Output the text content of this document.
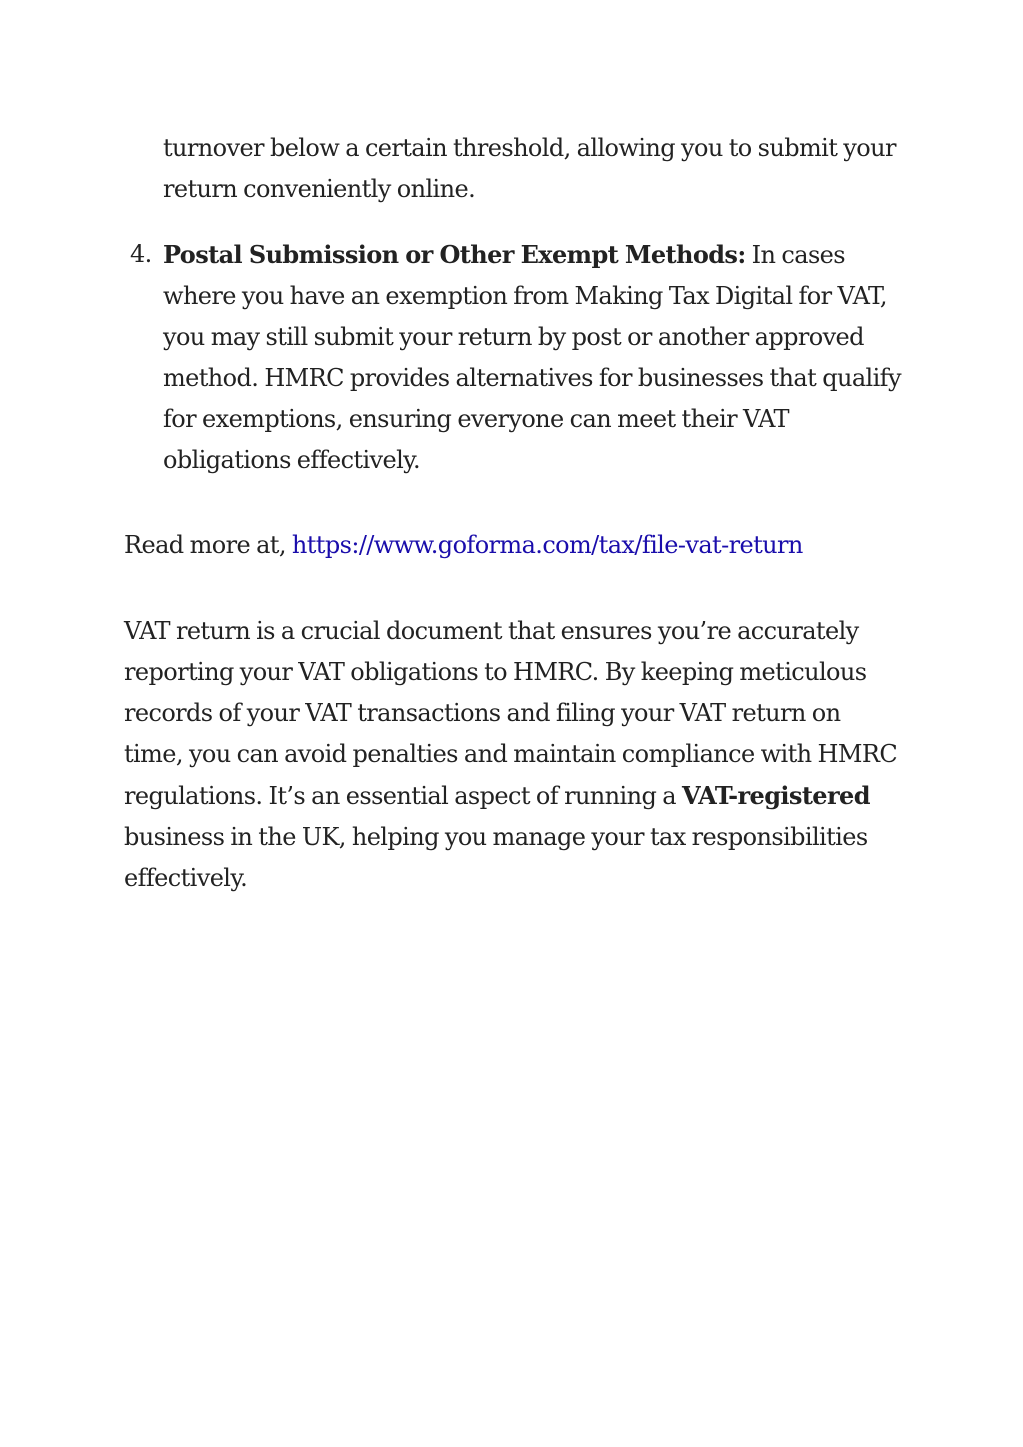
turnover below a certain threshold, allowing you to submit your return conveniently online.

4. Postal Submission or Other Exempt Methods: In cases where you have an exemption from Making Tax Digital for VAT, you may still submit your return by post or another approved method. HMRC provides alternatives for businesses that qualify for exemptions, ensuring everyone can meet their VAT obligations effectively.

Read more at, https://www.goforma.com/tax/file-vat-return

VAT return is a crucial document that ensures you’re accurately reporting your VAT obligations to HMRC. By keeping meticulous records of your VAT transactions and filing your VAT return on time, you can avoid penalties and maintain compliance with HMRC regulations. It’s an essential aspect of running a VAT-registered business in the UK, helping you manage your tax responsibilities effectively.
